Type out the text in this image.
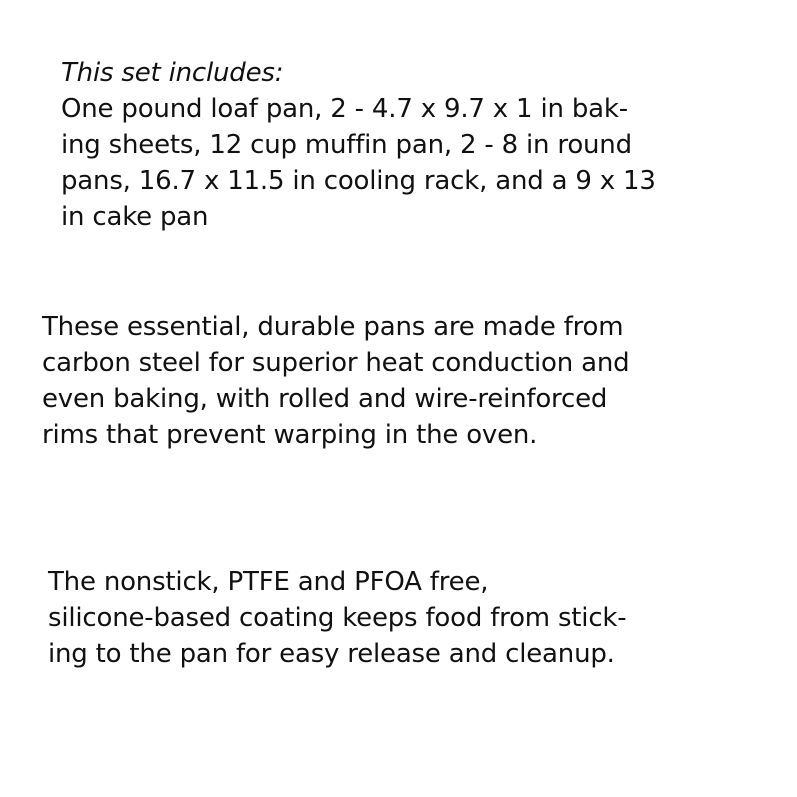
This set includes:
One pound loaf pan, 2 - 4.7 x 9.7 x 1 in bak-
ing sheets, 12 cup muffin pan, 2 - 8 in round
pans, 16.7 x 11.5 in cooling rack, and a 9 x 13
in cake pan
These essential, durable pans are made from
carbon steel for superior heat conduction and
even baking, with rolled and wire-reinforced
rims that prevent warping in the oven.
The nonstick, PTFE and PFOA free,
silicone-based coating keeps food from stick-
ing to the pan for easy release and cleanup.
